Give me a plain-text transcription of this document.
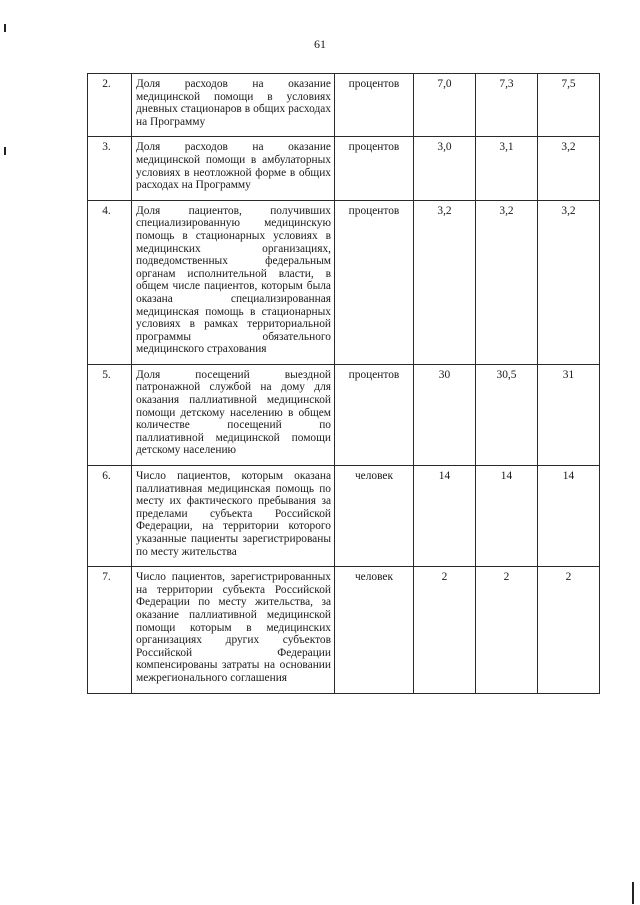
61
2.	Доля расходов на оказание медицинской помощи в условиях дневных стационаров в общих расходах на Программу	процентов	7,0	7,3	7,5
3.	Доля расходов на оказание медицинской помощи в амбулаторных условиях в неотложной форме в общих расходах на Программу	процентов	3,0	3,1	3,2
4.	Доля пациентов, получивших специализированную медицинскую помощь в стационарных условиях в медицинских организациях, подведомственных федеральным органам исполнительной власти, в общем числе пациентов, которым была оказана специализированная медицинская помощь в стационарных условиях в рамках территориальной программы обязательного медицинского страхования	процентов	3,2	3,2	3,2
5.	Доля посещений выездной патронажной службой на дому для оказания паллиативной медицинской помощи детскому населению в общем количестве посещений по паллиативной медицинской помощи детскому населению	процентов	30	30,5	31
6.	Число пациентов, которым оказана паллиативная медицинская помощь по месту их фактического пребывания за пределами субъекта Российской Федерации, на территории которого указанные пациенты зарегистрированы по месту жительства	человек	14	14	14
7.	Число пациентов, зарегистрированных на территории субъекта Российской Федерации по месту жительства, за оказание паллиативной медицинской помощи которым в медицинских организациях других субъектов Российской Федерации компенсированы затраты на основании межрегионального соглашения	человек	2	2	2
